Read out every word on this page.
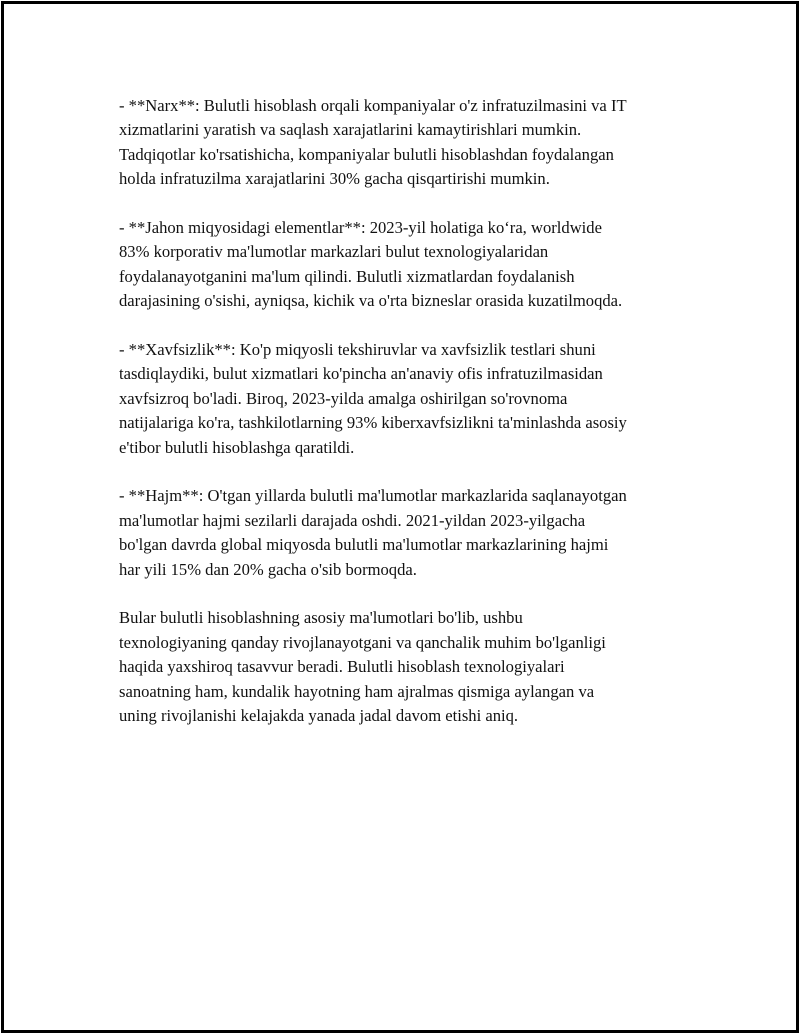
- **Narx**: Bulutli hisoblash orqali kompaniyalar o'z infratuzilmasini va IT
xizmatlarini yaratish va saqlash xarajatlarini kamaytirishlari mumkin.
Tadqiqotlar ko'rsatishicha, kompaniyalar bulutli hisoblashdan foydalangan
holda infratuzilma xarajatlarini 30% gacha qisqartirishi mumkin.
- **Jahon miqyosidagi elementlar**: 2023-yil holatiga ko‘ra, worldwide
83% korporativ ma'lumotlar markazlari bulut texnologiyalaridan
foydalanayotganini ma'lum qilindi. Bulutli xizmatlardan foydalanish
darajasining o'sishi, ayniqsa, kichik va o'rta bizneslar orasida kuzatilmoqda.
- **Xavfsizlik**: Ko'p miqyosli tekshiruvlar va xavfsizlik testlari shuni
tasdiqlaydiki, bulut xizmatlari ko'pincha an'anaviy ofis infratuzilmasidan
xavfsizroq bo'ladi. Biroq, 2023-yilda amalga oshirilgan so'rovnoma
natijalariga ko'ra, tashkilotlarning 93% kiberxavfsizlikni ta'minlashda asosiy
e'tibor bulutli hisoblashga qaratildi.
- **Hajm**: O'tgan yillarda bulutli ma'lumotlar markazlarida saqlanayotgan
ma'lumotlar hajmi sezilarli darajada oshdi. 2021-yildan 2023-yilgacha
bo'lgan davrda global miqyosda bulutli ma'lumotlar markazlarining hajmi
har yili 15% dan 20% gacha o'sib bormoqda.
Bular bulutli hisoblashning asosiy ma'lumotlari bo'lib, ushbu
texnologiyaning qanday rivojlanayotgani va qanchalik muhim bo'lganligi
haqida yaxshiroq tasavvur beradi. Bulutli hisoblash texnologiyalari
sanoatning ham, kundalik hayotning ham ajralmas qismiga aylangan va
uning rivojlanishi kelajakda yanada jadal davom etishi aniq.
